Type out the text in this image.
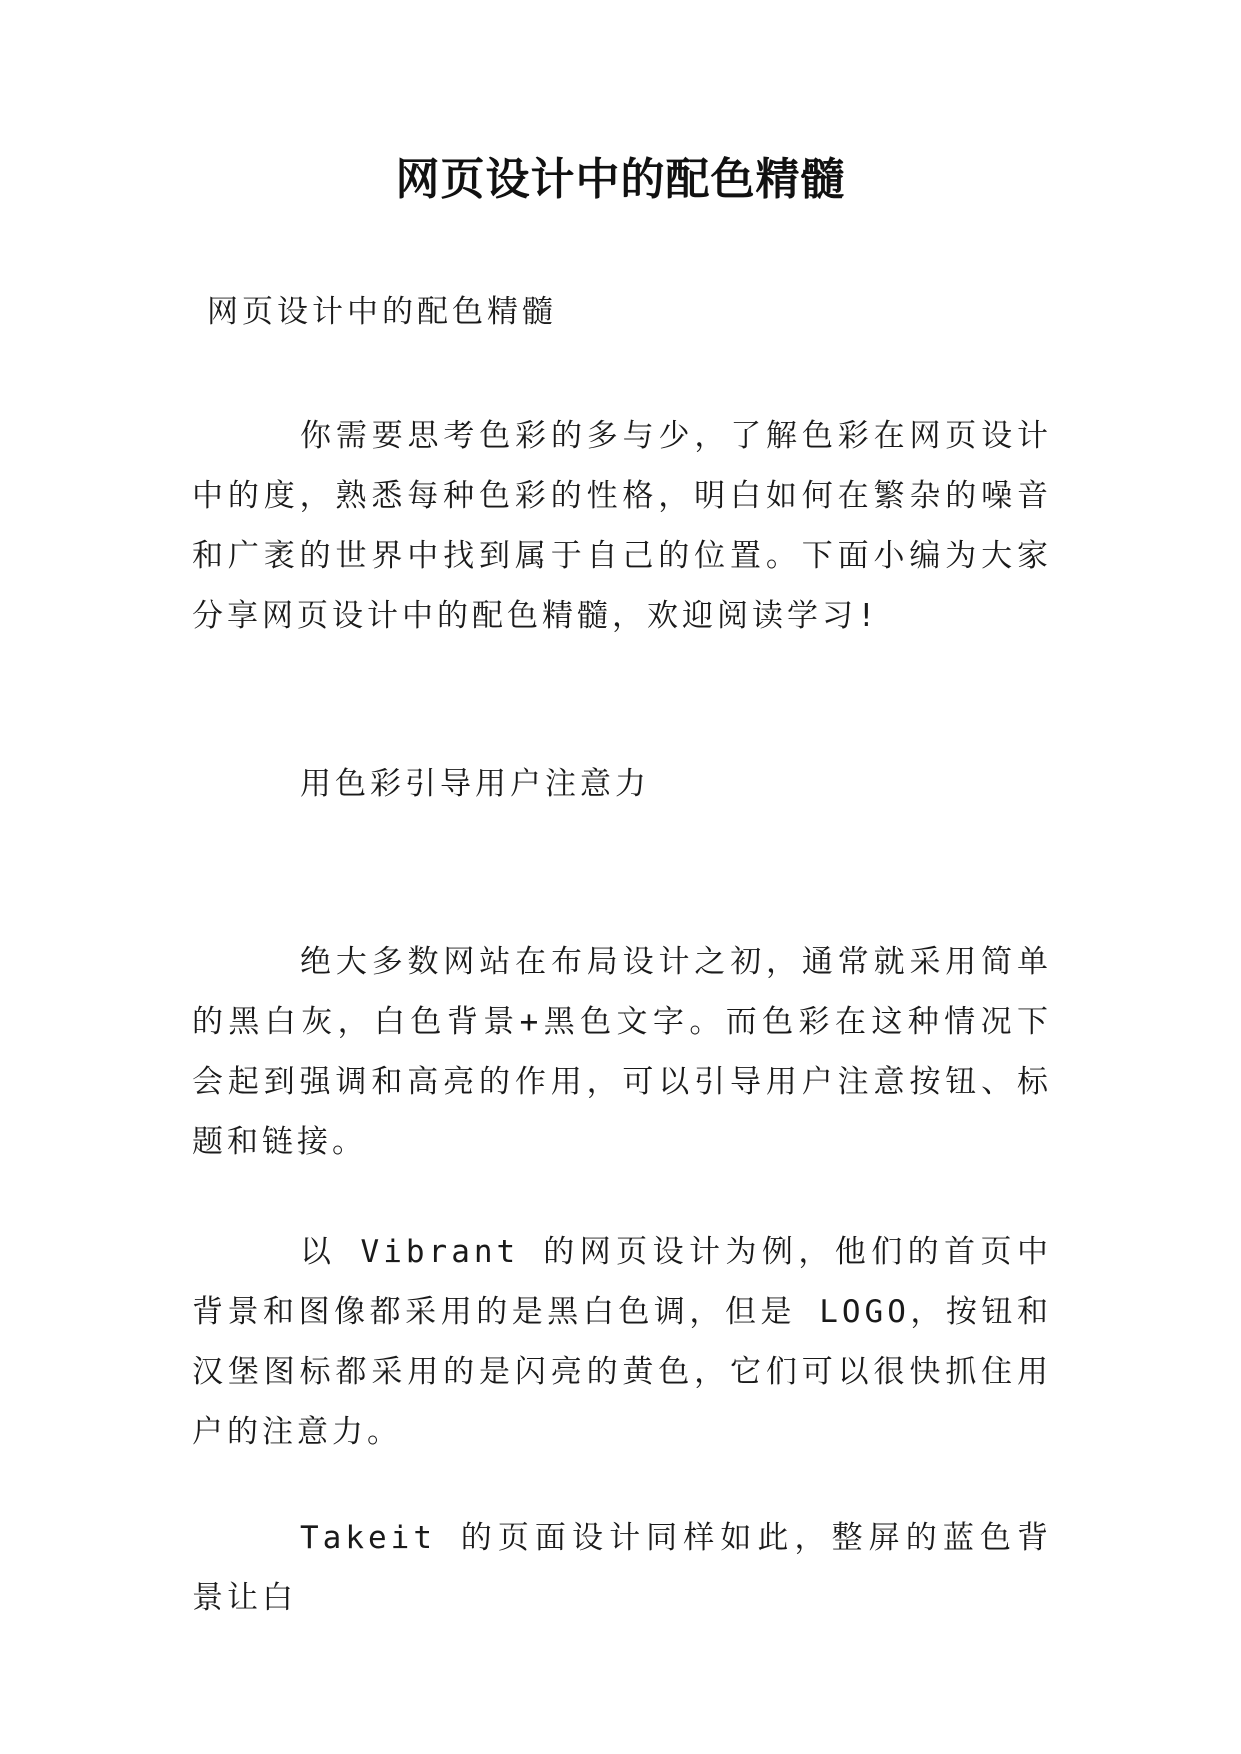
网页设计中的配色精髓
网页设计中的配色精髓
你需要思考色彩的多与少，了解色彩在网页设计中的度，熟悉每种色彩的性格，明白如何在繁杂的噪音和广袤的世界中找到属于自己的位置。下面小编为大家分享网页设计中的配色精髓，欢迎阅读学习!
用色彩引导用户注意力
绝大多数网站在布局设计之初，通常就采用简单的黑白灰，白色背景+黑色文字。而色彩在这种情况下会起到强调和高亮的作用，可以引导用户注意按钮、标题和链接。
以 Vibrant 的网页设计为例，他们的首页中背景和图像都采用的是黑白色调，但是 LOGO，按钮和汉堡图标都采用的是闪亮的黄色，它们可以很快抓住用户的注意力。
Takeit 的页面设计同样如此，整屏的蓝色背景让白
